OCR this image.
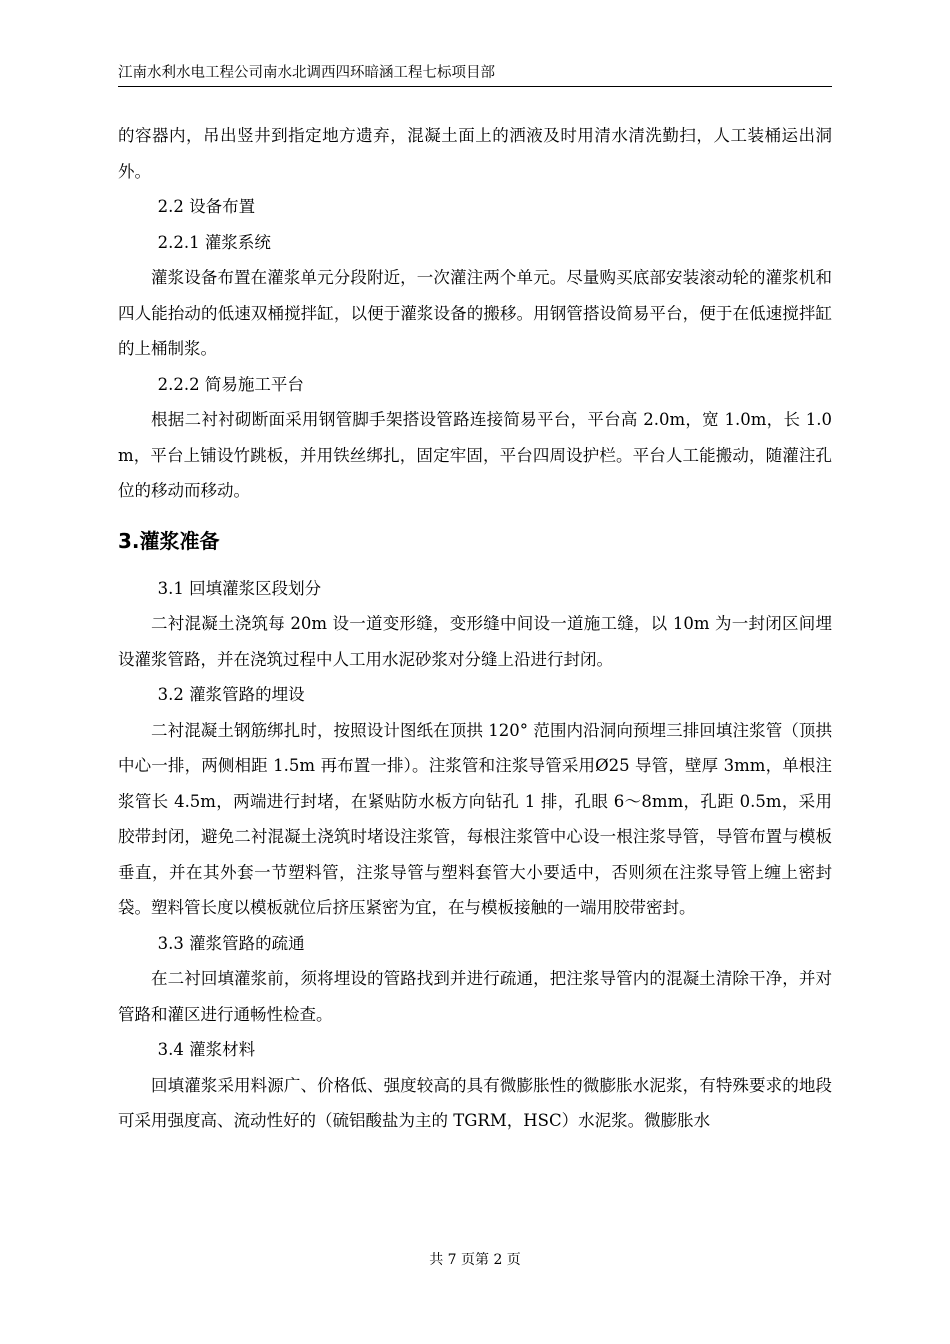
江南水利水电工程公司南水北调西四环暗涵工程七标项目部

的容器内，吊出竖井到指定地方遗弃，混凝土面上的洒液及时用清水清洗勤扫，人工装桶运出洞外。

2.2 设备布置

2.2.1 灌浆系统

灌浆设备布置在灌浆单元分段附近，一次灌注两个单元。尽量购买底部安装滚动轮的灌浆机和四人能抬动的低速双桶搅拌缸，以便于灌浆设备的搬移。用钢管搭设简易平台，便于在低速搅拌缸的上桶制浆。

2.2.2 简易施工平台

根据二衬衬砌断面采用钢管脚手架搭设管路连接简易平台，平台高 2.0m，宽 1.0m，长 1.0 m，平台上铺设竹跳板，并用铁丝绑扎，固定牢固，平台四周设护栏。平台人工能搬动，随灌注孔位的移动而移动。

3.灌浆准备

3.1 回填灌浆区段划分

二衬混凝土浇筑每 20m 设一道变形缝，变形缝中间设一道施工缝，以 10m 为一封闭区间埋设灌浆管路，并在浇筑过程中人工用水泥砂浆对分缝上沿进行封闭。

3.2 灌浆管路的埋设

二衬混凝土钢筋绑扎时，按照设计图纸在顶拱 120° 范围内沿洞向预埋三排回填注浆管（顶拱中心一排，两侧相距 1.5m 再布置一排）。注浆管和注浆导管采用Ø25 导管，壁厚 3mm，单根注浆管长 4.5m，两端进行封堵，在紧贴防水板方向钻孔 1 排，孔眼 6～8mm，孔距 0.5m，采用胶带封闭，避免二衬混凝土浇筑时堵设注浆管，每根注浆管中心设一根注浆导管，导管布置与模板垂直，并在其外套一节塑料管，注浆导管与塑料套管大小要适中，否则须在注浆导管上缠上密封袋。塑料管长度以模板就位后挤压紧密为宜，在与模板接触的一端用胶带密封。

3.3 灌浆管路的疏通

在二衬回填灌浆前，须将埋设的管路找到并进行疏通，把注浆导管内的混凝土清除干净，并对管路和灌区进行通畅性检查。

3.4 灌浆材料

回填灌浆采用料源广、价格低、强度较高的具有微膨胀性的微膨胀水泥浆，有特殊要求的地段可采用强度高、流动性好的（硫铝酸盐为主的 TGRM，HSC）水泥浆。微膨胀水

共 7 页第 2 页
